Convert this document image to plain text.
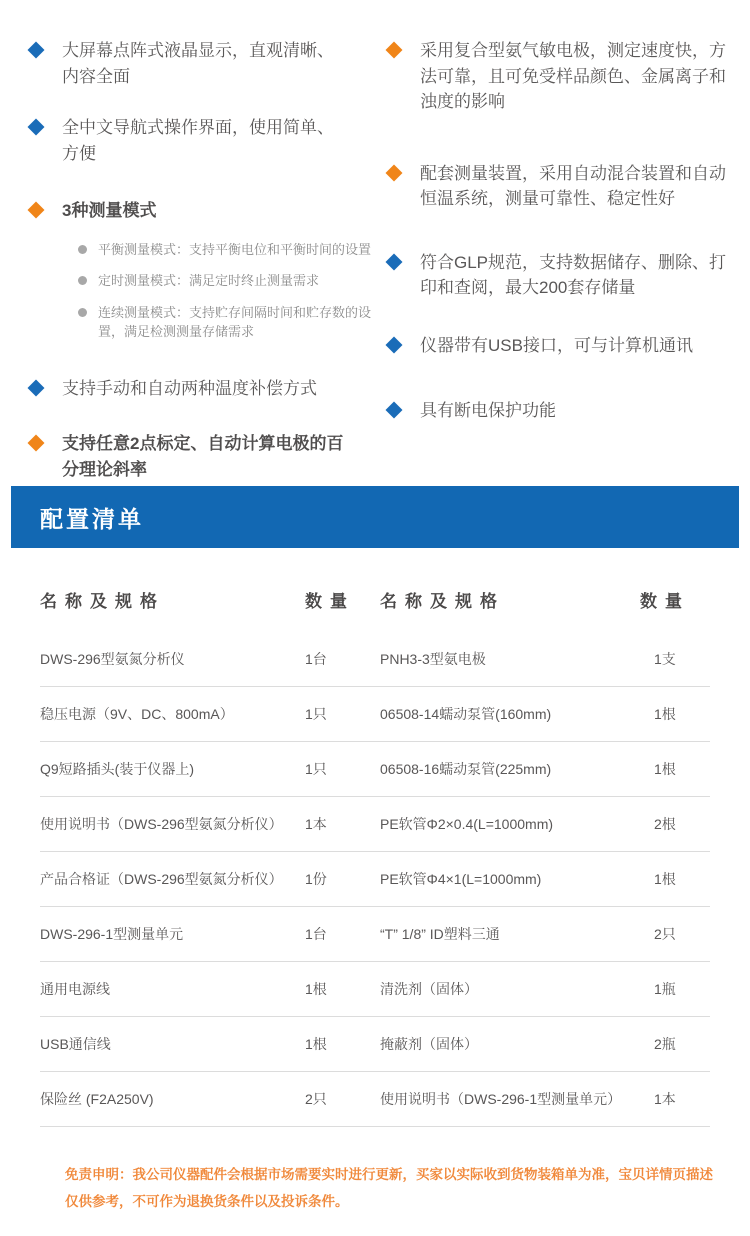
大屏幕点阵式液晶显示，直观清晰、内容全面
全中文导航式操作界面，使用简单、方便
3种测量模式
平衡测量模式：支持平衡电位和平衡时间的设置
定时测量模式：满足定时终止测量需求
连续测量模式：支持贮存间隔时间和贮存数的设置，满足检测测量存储需求
支持手动和自动两种温度补偿方式
支持任意2点标定、自动计算电极的百分理论斜率
采用复合型氨气敏电极，测定速度快，方法可靠，且可免受样品颜色、金属离子和浊度的影响
配套测量装置，采用自动混合装置和自动恒温系统，测量可靠性、稳定性好
符合GLP规范，支持数据储存、删除、打印和查阅，最大200套存储量
仪器带有USB接口，可与计算机通讯
具有断电保护功能
配置清单
名称及规格	数量	名称及规格	数量
DWS-296型氨氮分析仪	1台	PNH3-3型氨电极	1支
稳压电源（9V、DC、800mA）	1只	06508-14蠕动泵管(160mm)	1根
Q9短路插头(装于仪器上)	1只	06508-16蠕动泵管(225mm)	1根
使用说明书（DWS-296型氨氮分析仪）	1本	PE软管Φ2×0.4(L=1000mm)	2根
产品合格证（DWS-296型氨氮分析仪）	1份	PE软管Φ4×1(L=1000mm)	1根
DWS-296-1型测量单元	1台	“T” 1/8” ID塑料三通	2只
通用电源线	1根	清洗剂（固体）	1瓶
USB通信线	1根	掩蔽剂（固体）	2瓶
保险丝 (F2A250V)	2只	使用说明书（DWS-296-1型测量单元）	1本
免责申明：我公司仪器配件会根据市场需要实时进行更新，买家以实际收到货物装箱单为准，宝贝详情页描述仅供参考，不可作为退换货条件以及投诉条件。
